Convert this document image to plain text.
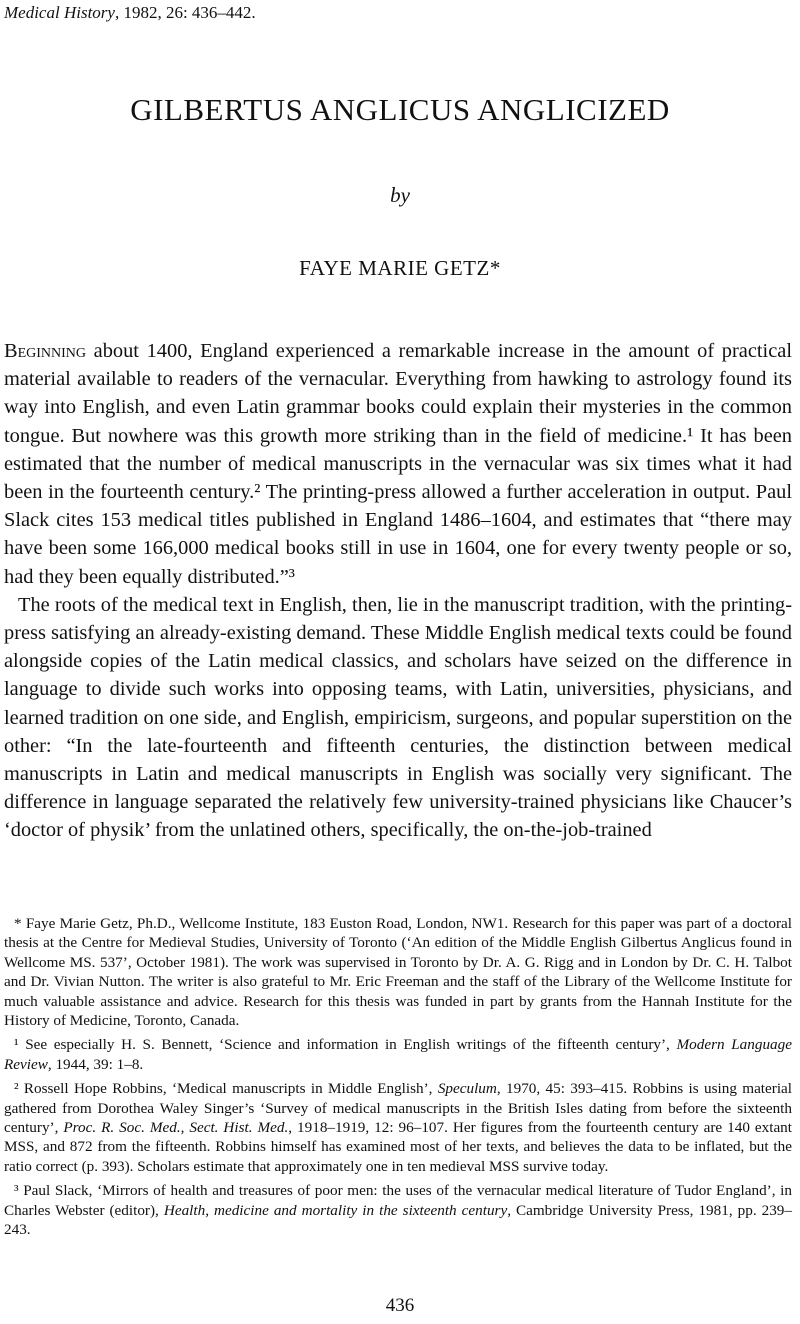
Medical History, 1982, 26: 436–442.
GILBERTUS ANGLICUS ANGLICIZED
by
FAYE MARIE GETZ*

Beginning about 1400, England experienced a remarkable increase in the amount of practical material available to readers of the vernacular. Everything from hawking to astrology found its way into English, and even Latin grammar books could explain their mysteries in the common tongue. But nowhere was this growth more striking than in the field of medicine.¹ It has been estimated that the number of medical manuscripts in the vernacular was six times what it had been in the fourteenth century.² The printing-press allowed a further acceleration in output. Paul Slack cites 153 medical titles published in England 1486–1604, and estimates that “there may have been some 166,000 medical books still in use in 1604, one for every twenty people or so, had they been equally distributed.”³

The roots of the medical text in English, then, lie in the manuscript tradition, with the printing-press satisfying an already-existing demand. These Middle English medical texts could be found alongside copies of the Latin medical classics, and scholars have seized on the difference in language to divide such works into opposing teams, with Latin, universities, physicians, and learned tradition on one side, and English, empiricism, surgeons, and popular superstition on the other: “In the late-fourteenth and fifteenth centuries, the distinction between medical manuscripts in Latin and medical manuscripts in English was socially very significant. The difference in language separated the relatively few university-trained physicians like Chaucer’s ‘doctor of physik’ from the unlatined others, specifically, the on-the-job-trained

* Faye Marie Getz, Ph.D., Wellcome Institute, 183 Euston Road, London, NW1. Research for this paper was part of a doctoral thesis at the Centre for Medieval Studies, University of Toronto (‘An edition of the Middle English Gilbertus Anglicus found in Wellcome MS. 537’, October 1981). The work was supervised in Toronto by Dr. A. G. Rigg and in London by Dr. C. H. Talbot and Dr. Vivian Nutton. The writer is also grateful to Mr. Eric Freeman and the staff of the Library of the Wellcome Institute for much valuable assistance and advice. Research for this thesis was funded in part by grants from the Hannah Institute for the History of Medicine, Toronto, Canada.

¹ See especially H. S. Bennett, ‘Science and information in English writings of the fifteenth century’, Modern Language Review, 1944, 39: 1–8.

² Rossell Hope Robbins, ‘Medical manuscripts in Middle English’, Speculum, 1970, 45: 393–415. Robbins is using material gathered from Dorothea Waley Singer’s ‘Survey of medical manuscripts in the British Isles dating from before the sixteenth century’, Proc. R. Soc. Med., Sect. Hist. Med., 1918–1919, 12: 96–107. Her figures from the fourteenth century are 140 extant MSS, and 872 from the fifteenth. Robbins himself has examined most of her texts, and believes the data to be inflated, but the ratio correct (p. 393). Scholars estimate that approximately one in ten medieval MSS survive today.

³ Paul Slack, ‘Mirrors of health and treasures of poor men: the uses of the vernacular medical literature of Tudor England’, in Charles Webster (editor), Health, medicine and mortality in the sixteenth century, Cambridge University Press, 1981, pp. 239–243.

436
